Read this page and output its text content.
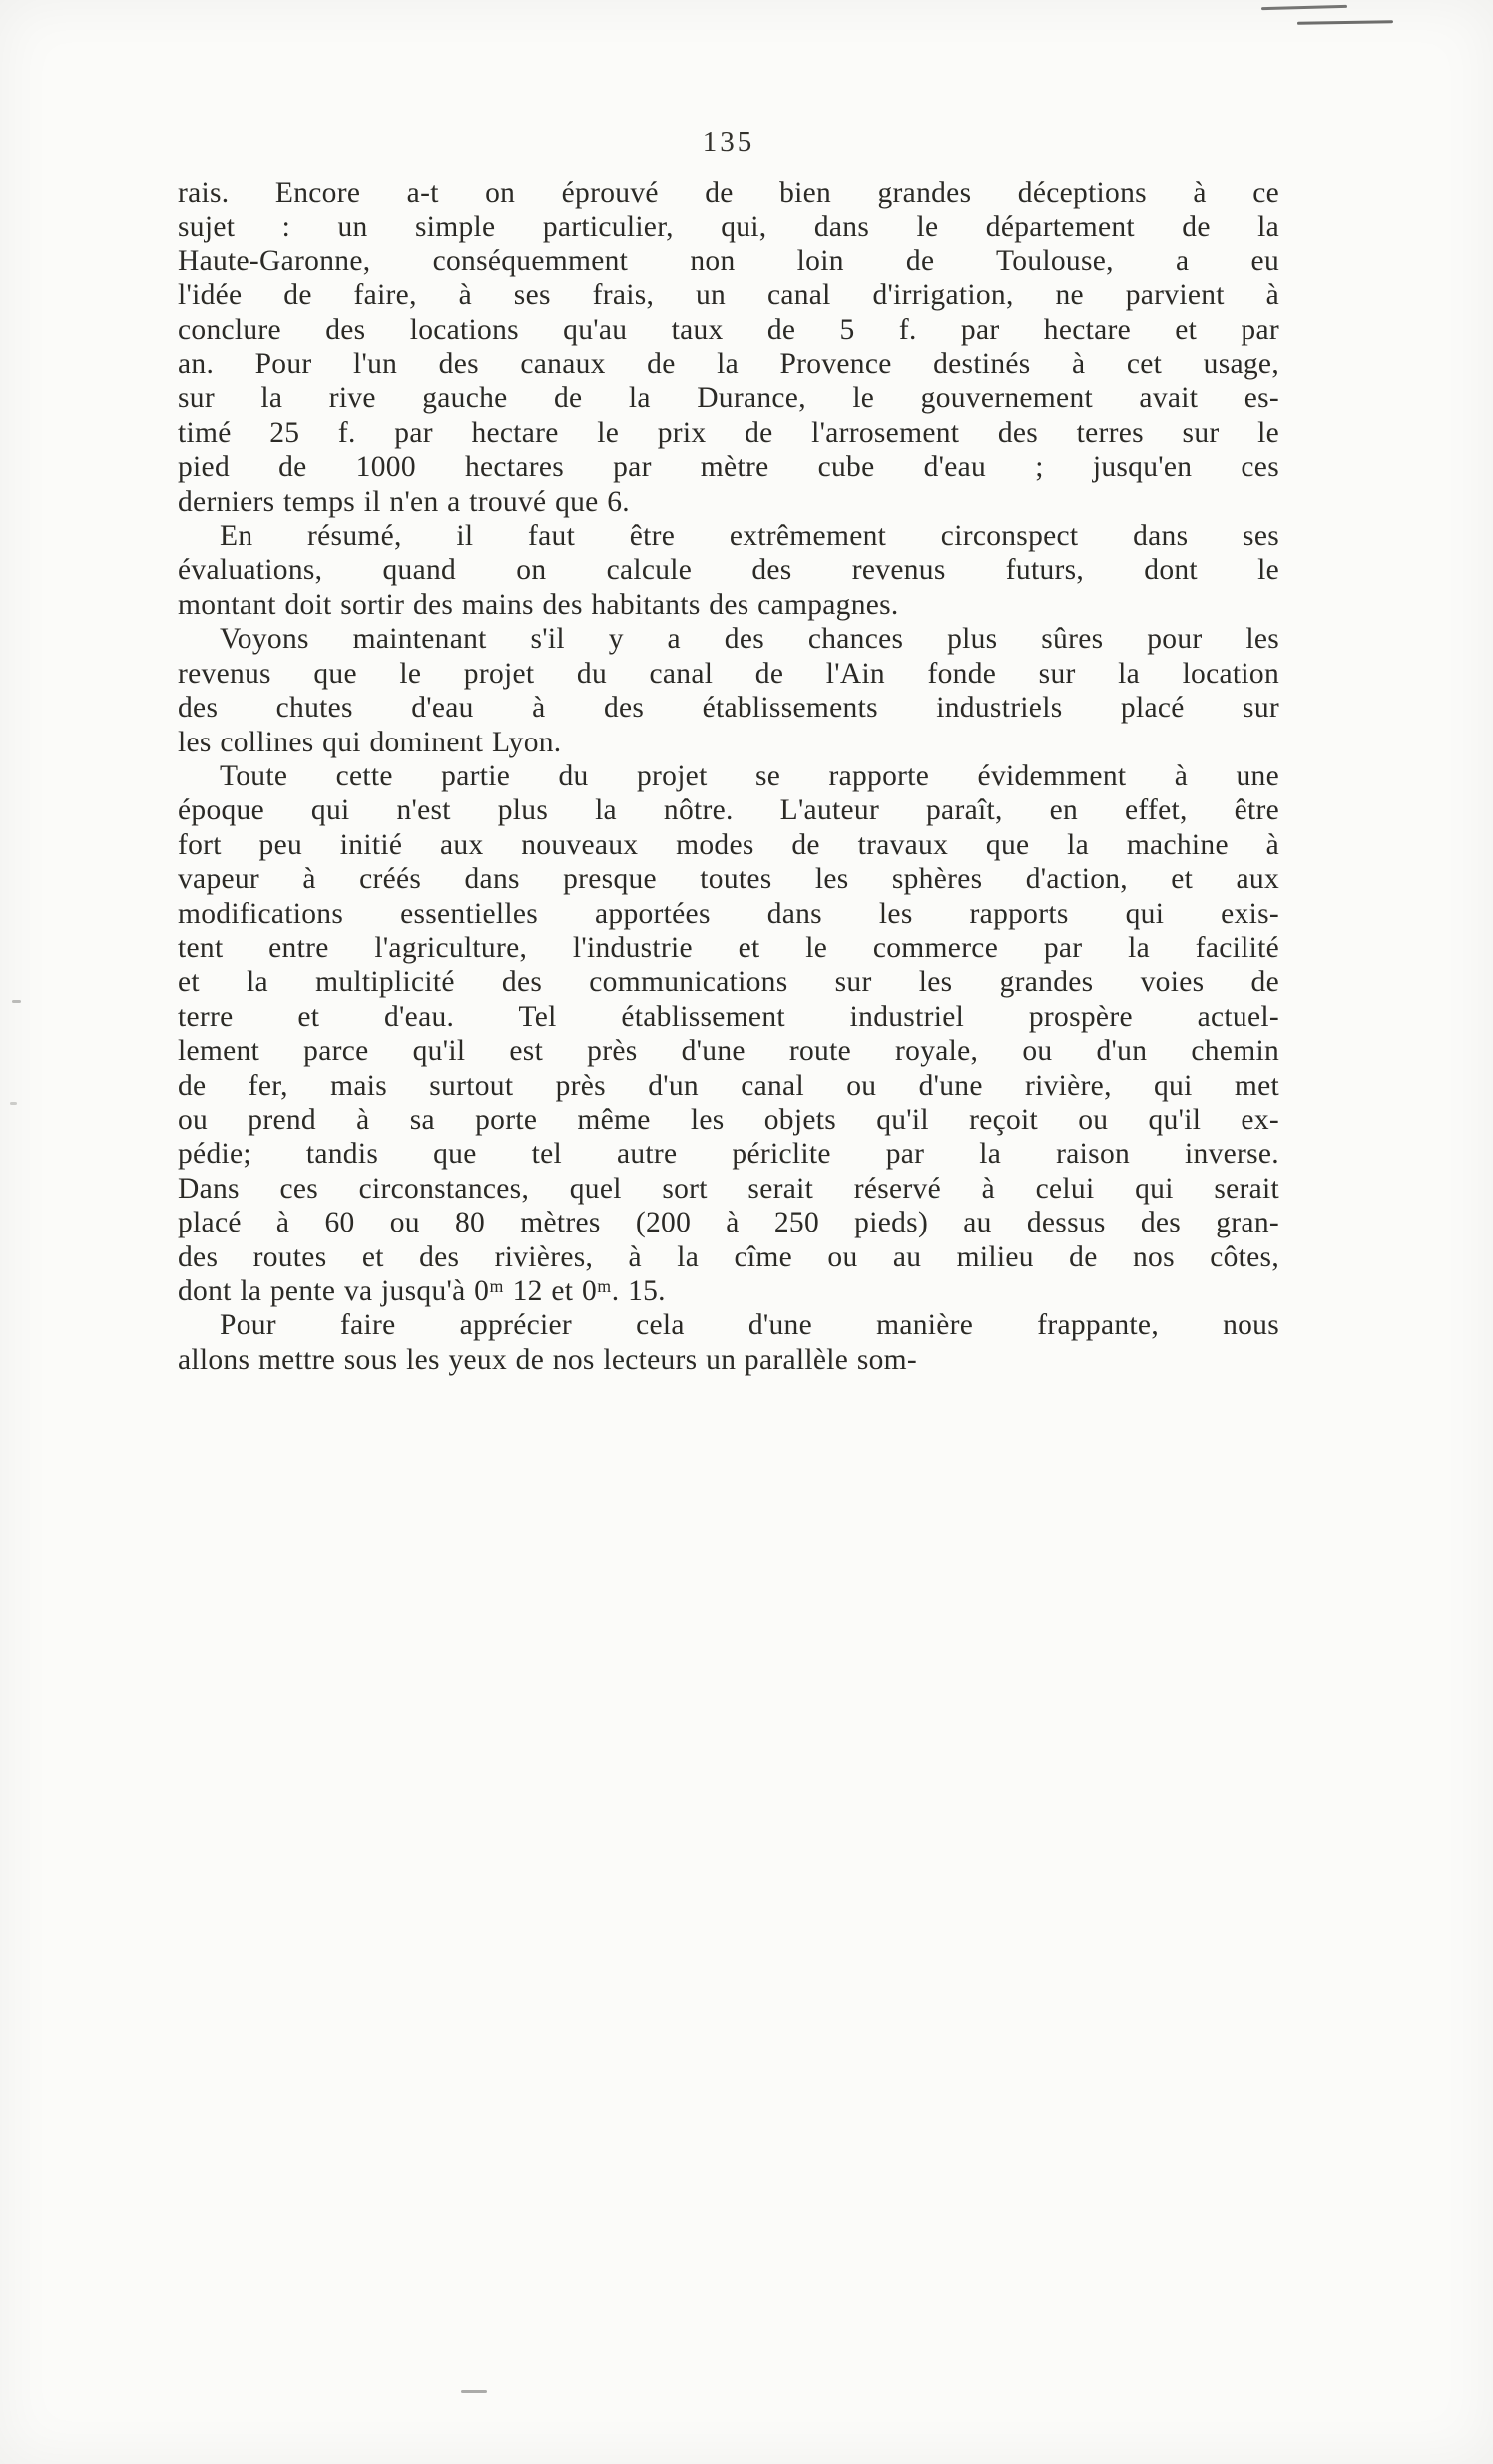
135

rais. Encore a-t on éprouvé de bien grandes déceptions à ce
sujet : un simple particulier, qui, dans le département de la
Haute-Garonne, conséquemment non loin de Toulouse, a eu
l'idée de faire, à ses frais, un canal d'irrigation, ne parvient à
conclure des locations qu'au taux de 5 f. par hectare et par
an. Pour l'un des canaux de la Provence destinés à cet usage,
sur la rive gauche de la Durance, le gouvernement avait es-
timé 25 f. par hectare le prix de l'arrosement des terres sur le
pied de 1000 hectares par mètre cube d'eau ; jusqu'en ces
derniers temps il n'en a trouvé que 6.

En résumé, il faut être extrêmement circonspect dans ses
évaluations, quand on calcule des revenus futurs, dont le
montant doit sortir des mains des habitants des campagnes.

Voyons maintenant s'il y a des chances plus sûres pour les
revenus que le projet du canal de l'Ain fonde sur la location
des chutes d'eau à des établissements industriels placé sur
les collines qui dominent Lyon.

Toute cette partie du projet se rapporte évidemment à une
époque qui n'est plus la nôtre. L'auteur paraît, en effet, être
fort peu initié aux nouveaux modes de travaux que la machine à
vapeur à créés dans presque toutes les sphères d'action, et aux
modifications essentielles apportées dans les rapports qui exis-
tent entre l'agriculture, l'industrie et le commerce par la facilité
et la multiplicité des communications sur les grandes voies de
terre et d'eau. Tel établissement industriel prospère actuel-
lement parce qu'il est près d'une route royale, ou d'un chemin
de fer, mais surtout près d'un canal ou d'une rivière, qui met
ou prend à sa porte même les objets qu'il reçoit ou qu'il ex-
pédie; tandis que tel autre périclite par la raison inverse.
Dans ces circonstances, quel sort serait réservé à celui qui serait
placé à 60 ou 80 mètres (200 à 250 pieds) au dessus des gran-
des routes et des rivières, à la cîme ou au milieu de nos côtes,
dont la pente va jusqu'à 0ᵐ 12 et 0ᵐ. 15.

Pour faire apprécier cela d'une manière frappante, nous
allons mettre sous les yeux de nos lecteurs un parallèle som-
